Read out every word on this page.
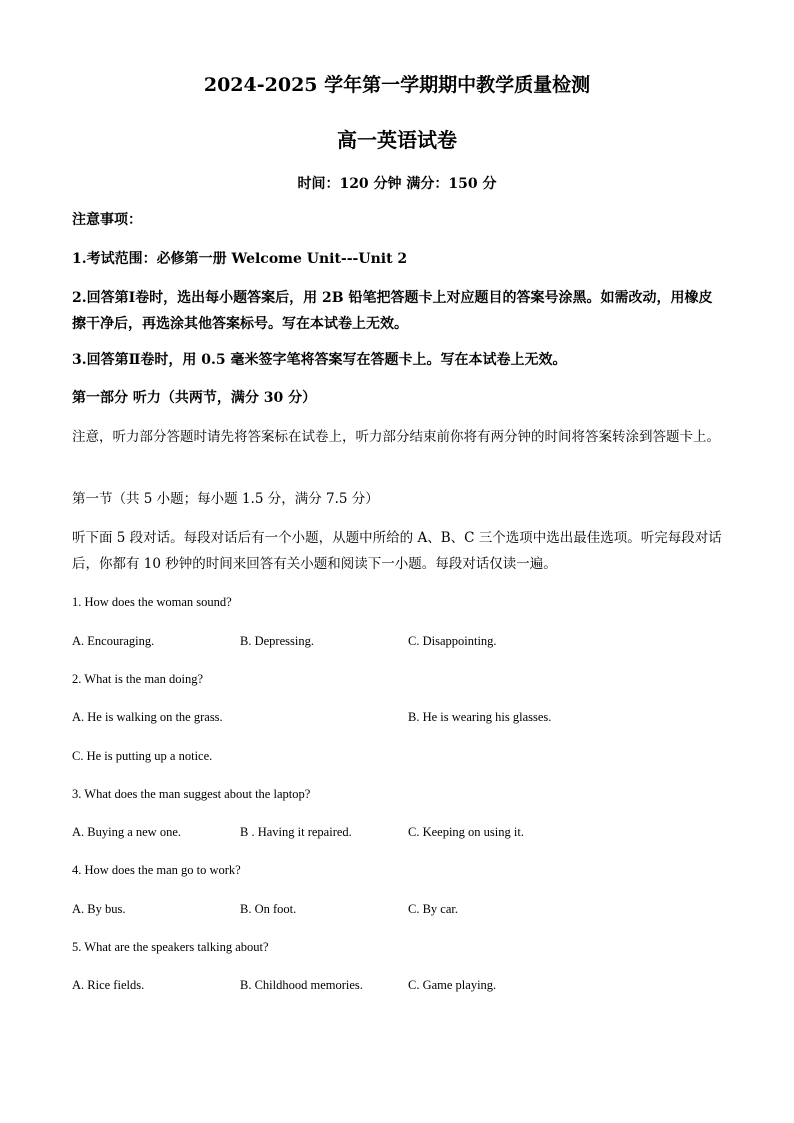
2024-2025 学年第一学期期中教学质量检测
高一英语试卷
时间：120 分钟 满分：150 分
注意事项：
1.考试范围：必修第一册 Welcome Unit---Unit 2
2.回答第Ⅰ卷时，选出每小题答案后，用 2B 铅笔把答题卡上对应题目的答案号涂黑。如需改动，用橡皮擦干净后，再选涂其他答案标号。写在本试卷上无效。
3.回答第Ⅱ卷时，用 0.5 毫米签字笔将答案写在答题卡上。写在本试卷上无效。
第一部分 听力（共两节，满分 30 分）
注意，听力部分答题时请先将答案标在试卷上，听力部分结束前你将有两分钟的时间将答案转涂到答题卡上。
第一节（共 5 小题；每小题 1.5 分，满分 7.5 分）
听下面 5 段对话。每段对话后有一个小题，从题中所给的 A、B、C 三个选项中选出最佳选项。听完每段对话后，你都有 10 秒钟的时间来回答有关小题和阅读下一小题。每段对话仅读一遍。
1. How does the woman sound?
A. Encouraging.	B. Depressing.	C. Disappointing.
2. What is the man doing?
A. He is walking on the grass.	B. He is wearing his glasses.
C. He is putting up a notice.
3. What does the man suggest about the laptop?
A. Buying a new one.	B . Having it repaired.	C. Keeping on using it.
4. How does the man go to work?
A. By bus.	B. On foot.	C. By car.
5. What are the speakers talking about?
A. Rice fields.	B. Childhood memories.	C. Game playing.
